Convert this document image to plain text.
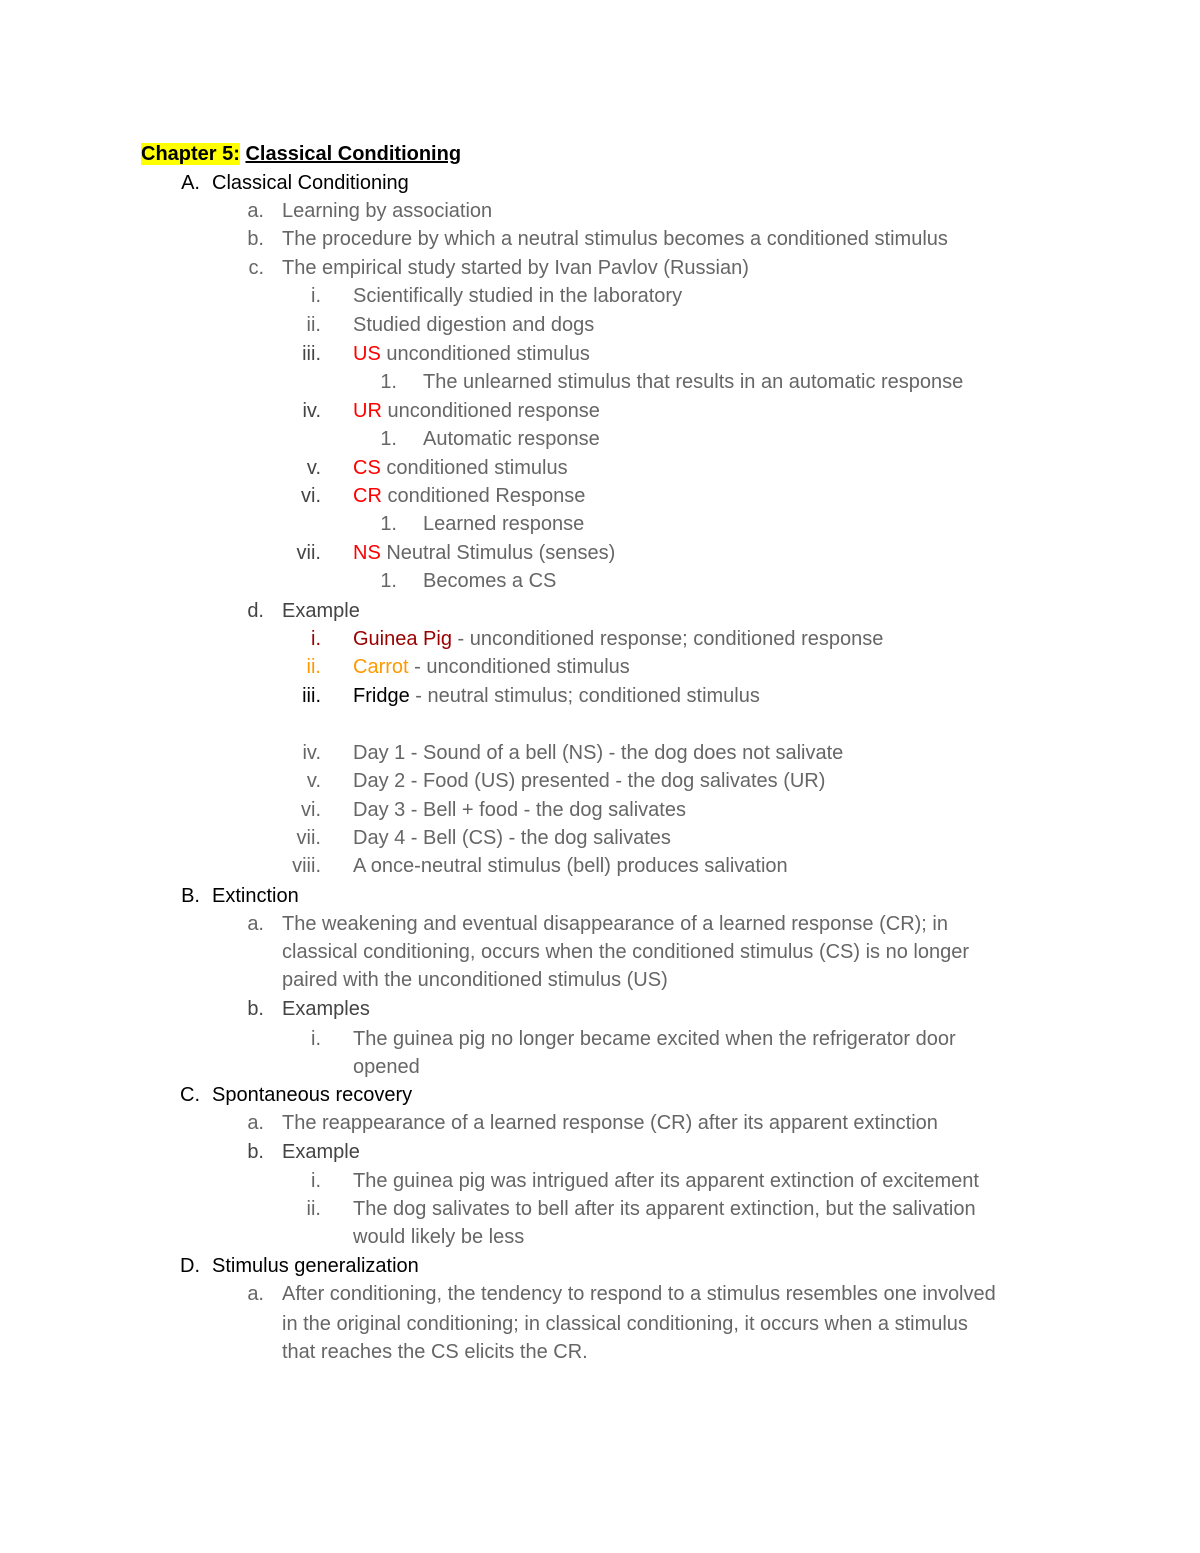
Chapter 5: Classical Conditioning
A. Classical Conditioning
a. Learning by association
b. The procedure by which a neutral stimulus becomes a conditioned stimulus
c. The empirical study started by Ivan Pavlov (Russian)
i. Scientifically studied in the laboratory
ii. Studied digestion and dogs
iii. US unconditioned stimulus
1. The unlearned stimulus that results in an automatic response
iv. UR unconditioned response
1. Automatic response
v. CS conditioned stimulus
vi. CR conditioned Response
1. Learned response
vii. NS Neutral Stimulus (senses)
1. Becomes a CS
d. Example
i. Guinea Pig - unconditioned response; conditioned response
ii. Carrot - unconditioned stimulus
iii. Fridge - neutral stimulus; conditioned stimulus
iv. Day 1 - Sound of a bell (NS) - the dog does not salivate
v. Day 2 - Food (US) presented - the dog salivates (UR)
vi. Day 3 - Bell + food - the dog salivates
vii. Day 4 - Bell (CS) - the dog salivates
viii. A once-neutral stimulus (bell) produces salivation
B. Extinction
a. The weakening and eventual disappearance of a learned response (CR); in
classical conditioning, occurs when the conditioned stimulus (CS) is no longer
paired with the unconditioned stimulus (US)
b. Examples
i. The guinea pig no longer became excited when the refrigerator door
opened
C. Spontaneous recovery
a. The reappearance of a learned response (CR) after its apparent extinction
b. Example
i. The guinea pig was intrigued after its apparent extinction of excitement
ii. The dog salivates to bell after its apparent extinction, but the salivation
would likely be less
D. Stimulus generalization
a. After conditioning, the tendency to respond to a stimulus resembles one involved
in the original conditioning; in classical conditioning, it occurs when a stimulus
that reaches the CS elicits the CR.
